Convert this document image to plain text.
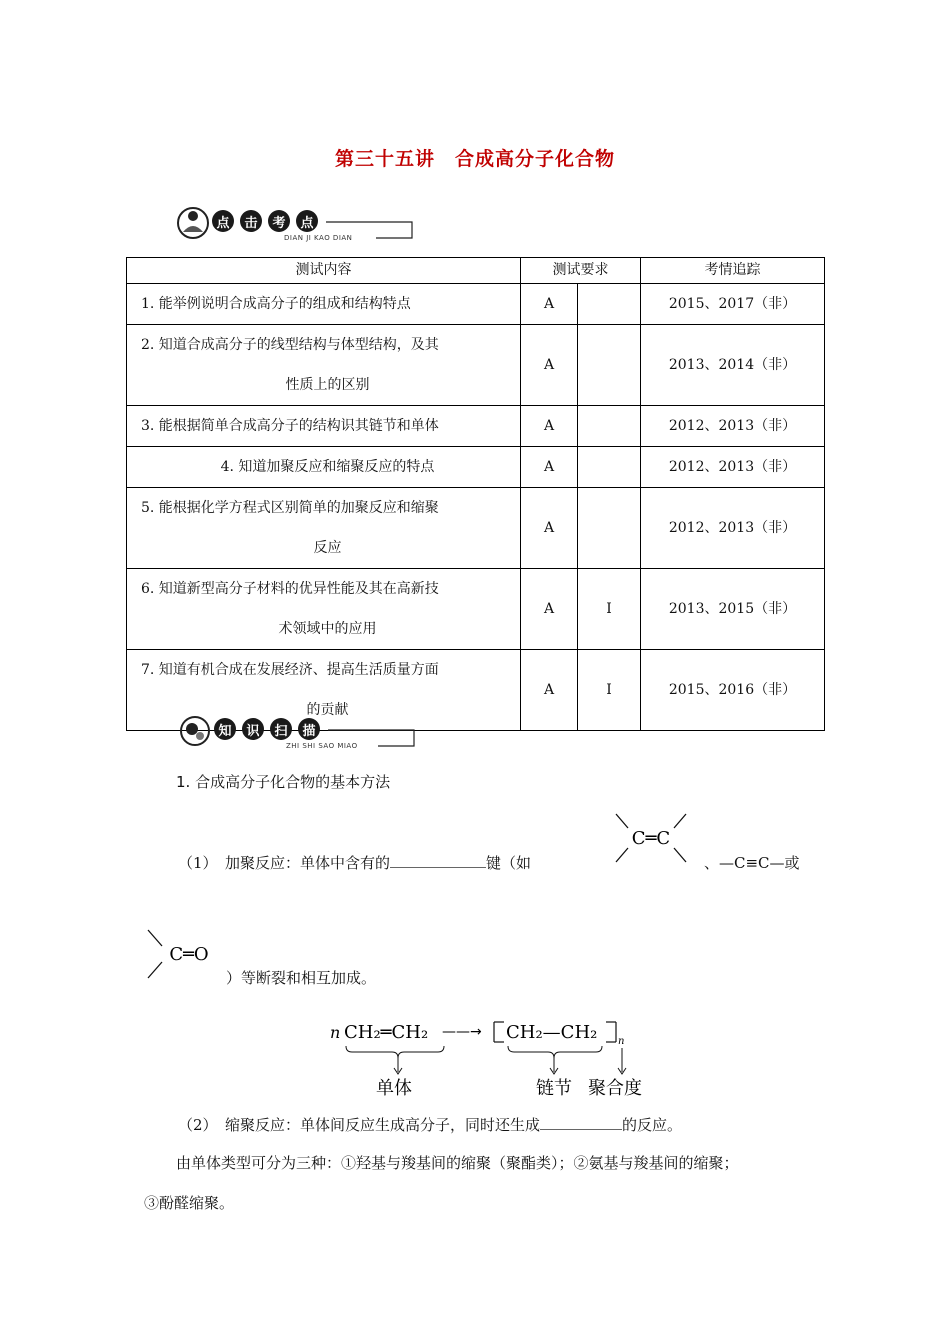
第三十五讲　合成高分子化合物
点	击	考	点
DIAN JI KAO DIAN
测试内容	测试要求		考情追踪
1. 能举例说明合成高分子的组成和结构特点	A		2015、2017（非）
2. 知道合成高分子的线型结构与体型结构，及其

性质上的区别	A		2013、2014（非）
3. 能根据简单合成高分子的结构识其链节和单体	A		2012、2013（非）
4. 知道加聚反应和缩聚反应的特点	A		2012、2013（非）
5. 能根据化学方程式区别简单的加聚反应和缩聚

反应	A		2012、2013（非）
6. 知道新型高分子材料的优异性能及其在高新技

术领域中的应用	A	Ⅰ	2013、2015（非）
7. 知道有机合成在发展经济、提高生活质量方面

的贡献	A	Ⅰ	2015、2016（非）
知	识	扫	描
ZHI SHI SAO MIAO
1. 合成高分子化合物的基本方法
（1）　加聚反应：单体中含有的	键（如
C═C
、—C≡C—或
C═O
）等断裂和相互加成。
n CH₂═CH₂ ——→ CH₂—CH₂ n
单体	链节 聚合度
（2）　缩聚反应：单体间反应生成高分子，同时还生成	的反应。
由单体类型可分为三种：①羟基与羧基间的缩聚（聚酯类）；②氨基与羧基间的缩聚；
③酚醛缩聚。
